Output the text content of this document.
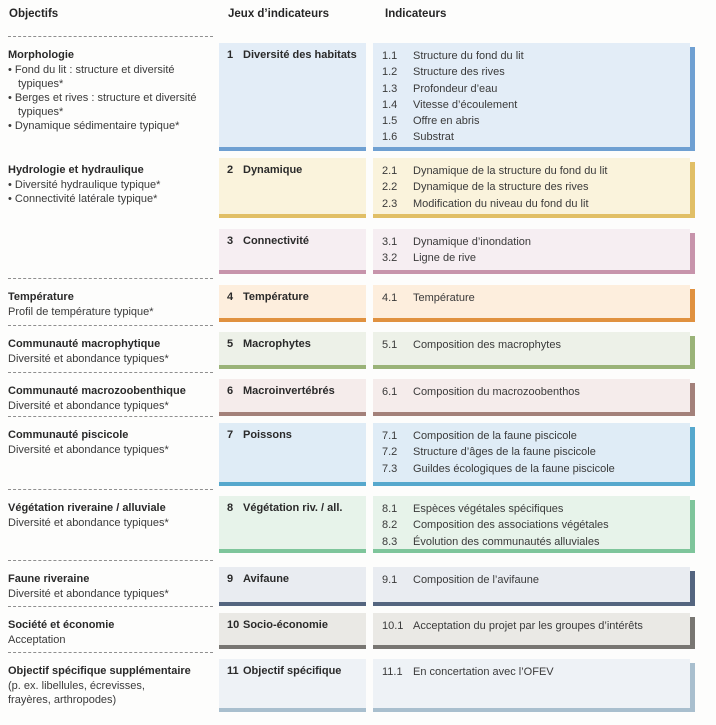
Objectifs	Jeux d’indicateurs	Indicateurs
Morphologie
• Fond du lit : structure et diversité typiques*
• Berges et rives : structure et diversité typiques*
• Dynamique sédimentaire typique*
Hydrologie et hydraulique
• Diversité hydraulique typique*
• Connectivité latérale typique*
Température
Profil de température typique*
Communauté macrophytique
Diversité et abondance typiques*
Communauté macrozoobenthique
Diversité et abondance typiques*
Communauté piscicole
Diversité et abondance typiques*
Végétation riveraine / alluviale
Diversité et abondance typiques*
Faune riveraine
Diversité et abondance typiques*
Société et économie
Acceptation
Objectif spécifique supplémentaire
(p. ex. libellules, écrevisses, frayères, arthropodes)
1 Diversité des habitats
2 Dynamique
3 Connectivité
4 Température
5 Macrophytes
6 Macroinvertébrés
7 Poissons
8 Végétation riv. / all.
9 Avifaune
10 Socio-économie
11 Objectif spécifique
1.1 Structure du fond du lit
1.2 Structure des rives
1.3 Profondeur d’eau
1.4 Vitesse d’écoulement
1.5 Offre en abris
1.6 Substrat
2.1 Dynamique de la structure du fond du lit
2.2 Dynamique de la structure des rives
2.3 Modification du niveau du fond du lit
3.1 Dynamique d’inondation
3.2 Ligne de rive
4.1 Température
5.1 Composition des macrophytes
6.1 Composition du macrozoobenthos
7.1 Composition de la faune piscicole
7.2 Structure d’âges de la faune piscicole
7.3 Guildes écologiques de la faune piscicole
8.1 Espèces végétales spécifiques
8.2 Composition des associations végétales
8.3 Évolution des communautés alluviales
9.1 Composition de l’avifaune
10.1 Acceptation du projet par les groupes d’intérêts
11.1 En concertation avec l’OFEV
